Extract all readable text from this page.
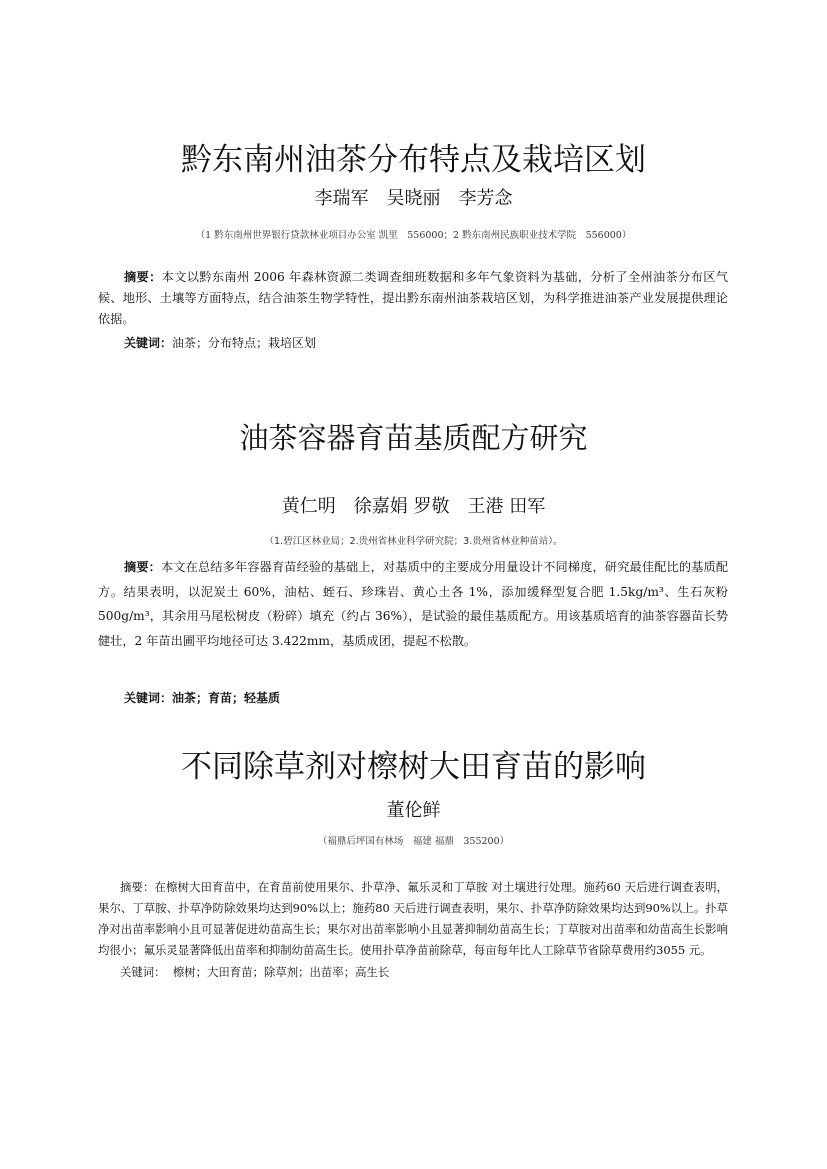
黔东南州油茶分布特点及栽培区划

李瑞军　吴晓丽　李芳念

（1 黔东南州世界银行贷款林业项目办公室 凯里　556000；2 黔东南州民族职业技术学院　556000）

摘要：本文以黔东南州 2006 年森林资源二类调查细班数据和多年气象资料为基础，分析了全州油茶分布区气候、地形、土壤等方面特点，结合油茶生物学特性，提出黔东南州油茶栽培区划，为科学推进油茶产业发展提供理论依据。

关键词：油茶；分布特点；栽培区划

油茶容器育苗基质配方研究

黄仁明　徐嘉娟 罗敬　王港 田军

（1.碧江区林业局；2.贵州省林业科学研究院；3.贵州省林业种苗站）。

摘要：本文在总结多年容器育苗经验的基础上，对基质中的主要成分用量设计不同梯度，研究最佳配比的基质配方。结果表明，以泥炭土 60%，油枯、蛭石、珍珠岩、黄心土各 1%，添加缓释型复合肥 1.5kg/m³、生石灰粉 500g/m³，其余用马尾松树皮（粉碎）填充（约占 36%），是试验的最佳基质配方。用该基质培育的油茶容器苗长势健壮，2 年苗出圃平均地径可达 3.422mm，基质成团，提起不松散。

关键词：油茶；育苗；轻基质

不同除草剂对檫树大田育苗的影响

董伦鲜

（福鼎后坪国有林场　福建 福鼎　355200）

摘要：在檫树大田育苗中，在育苗前使用果尔、扑草净、氟乐灵和丁草胺 对土壤进行处理。施药60 天后进行调查表明，果尔、丁草胺、扑草净防除效果均达到90%以上；施药80 天后进行调查表明，果尔、扑草净防除效果均达到90%以上。扑草净对出苗率影响小且可显著促进幼苗高生长；果尔对出苗率影响小且显著抑制幼苗高生长；丁草胺对出苗率和幼苗高生长影响均很小；氟乐灵显著降低出苗率和抑制幼苗高生长。使用扑草净苗前除草，每亩每年比人工除草节省除草费用约3055 元。

关键词： 檫树；大田育苗；除草剂；出苗率；高生长
